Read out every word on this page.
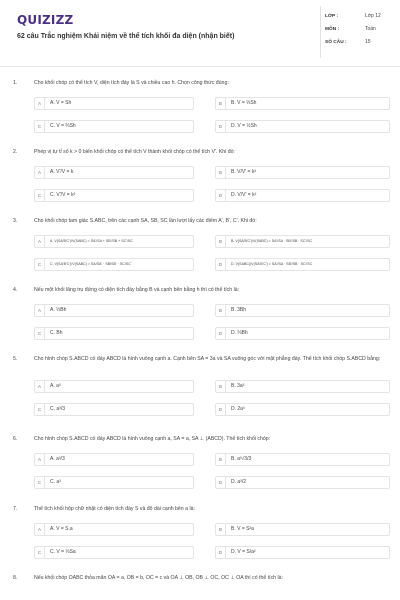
QUIZIZZ
62 câu Trắc nghiệm Khái niệm về thể tích khối đa diện (nhận biết)
LỚP :	Lớp 12
MÔN :	Toán
SỐ CÂU :	15
1.	Cho khối chóp có thể tích V, diện tích đáy là S và chiều cao h. Chọn công thức đúng:
A	A. V = Sh	B	B. V = ⅓Sh
C	C. V = ⅔Sh	D	D. V = ½Sh
2.	Phép vị tự tỉ số k > 0 biến khối chóp có thể tích V thành khối chóp có thể tích V'. Khi đó:
A	A. V'/V = k	B	B. V/V' = k³
C	C. V'/V = k³	D	D. V/V' = k²
3.	Cho khối chóp tam giác S.ABC, trên các cạnh SA, SB, SC lần lượt lấy các điểm A', B', C'. Khi đó:
A	A. V(SA'B'C')/V(SABC) = SA'/SA + SB'/SB + SC'/SC	B	B. V(SA'B'C')/V(SABC) = SA'/SA · SB'/SB · SC'/SC
C	C. V(SA'B'C')/V(SABC) = SA/SA' · SB/SB' · SC/SC'	D	D. V(SABC)/V(SA'B'C') = SA'/SA · SB'/SB · SC'/SC
4.	Nếu một khối lăng trụ đứng có diện tích đáy bằng B và cạnh bên bằng h thì có thể tích là:
A	A. ⅓Bh	B	B. 3Bh
C	C. Bh	D	D. ⅔Bh
5.	Cho hình chóp S.ABCD có đáy ABCD là hình vuông cạnh a. Cạnh bên SA = 3a và SA vuông góc với mặt phẳng đáy. Thể tích khối chóp S.ABCD bằng:
A	A. a³	B	B. 3a³
C	C. a³/3	D	D. 2a³
6.	Cho hình chóp S.ABCD có đáy ABCD là hình vuông cạnh a, SA = a, SA ⊥ (ABCD). Thể tích khối chóp:
A	A. a³/3	B	B. a³√3/3
C	C. a³	D	D. a³/2
7.	Thể tích khối hộp chữ nhật có diện tích đáy S và độ dài cạnh bên a là:
A	A. V = S.a	B	B. V = S²a
C	C. V = ⅓Sa	D	D. V = S/a²
8.	Nếu khối chóp OABC thỏa mãn OA = a, OB = b, OC = c và OA ⊥ OB, OB ⊥ OC, OC ⊥ OA thì có thể tích là:
